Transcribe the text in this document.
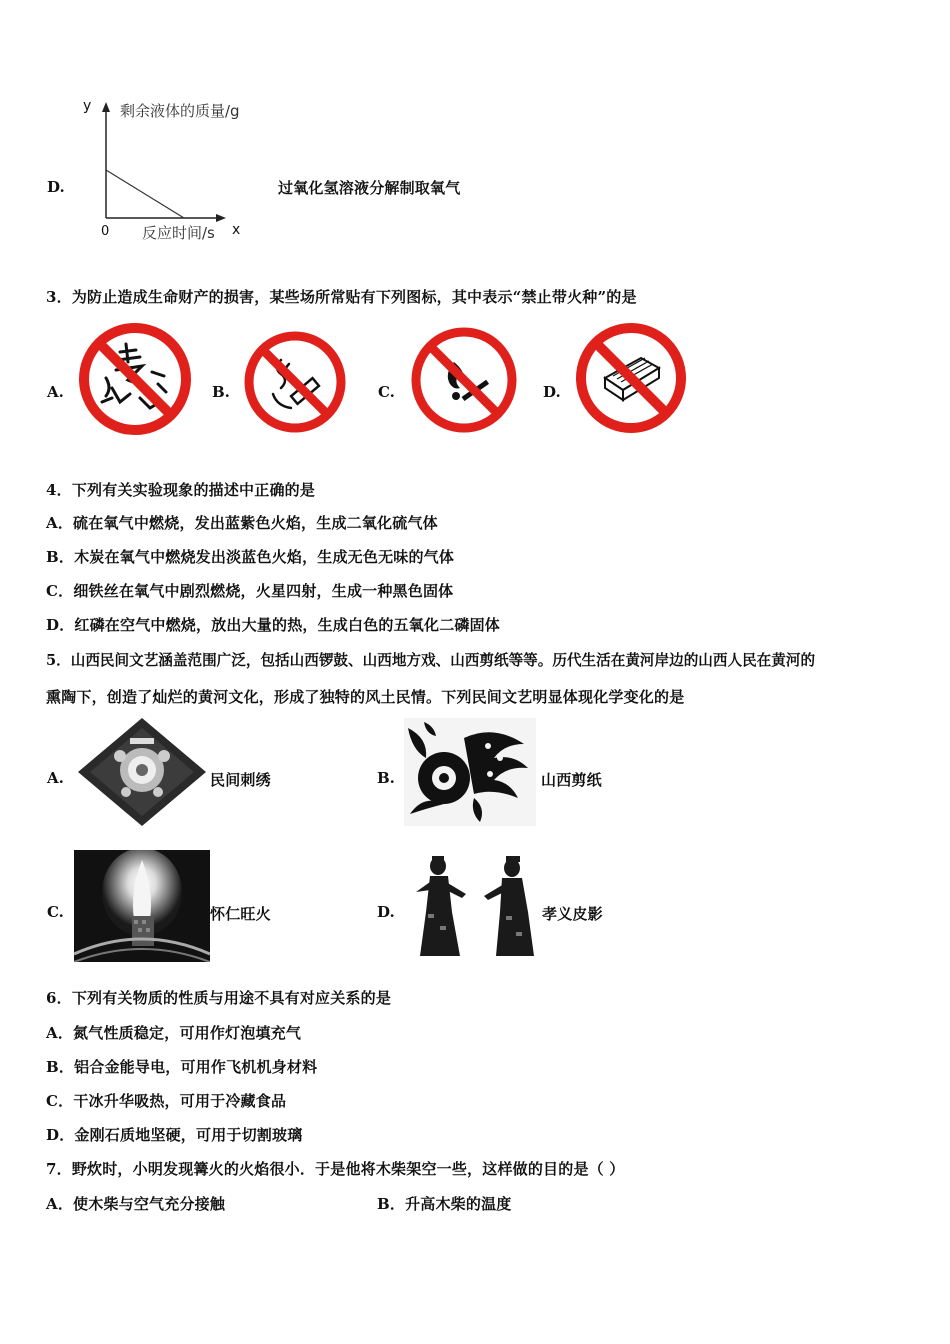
D.
y 剩余液体的质量/g
0 反应时间/s x
过氧化氢溶液分解制取氧气
3．为防止造成生命财产的损害，某些场所常贴有下列图标，其中表示“禁止带火种”的是
A.	B.	C.	D.
4．下列有关实验现象的描述中正确的是
A．硫在氧气中燃烧，发出蓝紫色火焰，生成二氧化硫气体
B．木炭在氧气中燃烧发出淡蓝色火焰，生成无色无味的气体
C．细铁丝在氧气中剧烈燃烧，火星四射，生成一种黑色固体
D．红磷在空气中燃烧，放出大量的热，生成白色的五氧化二磷固体
5．山西民间文艺涵盖范围广泛，包括山西锣鼓、山西地方戏、山西剪纸等等。历代生活在黄河岸边的山西人民在黄河的
熏陶下，创造了灿烂的黄河文化，形成了独特的风土民情。下列民间文艺明显体现化学变化的是
A.	民间刺绣	B.	山西剪纸
C.	怀仁旺火	D.	孝义皮影
6．下列有关物质的性质与用途不具有对应关系的是
A．氮气性质稳定，可用作灯泡填充气
B．铝合金能导电，可用作飞机机身材料
C．干冰升华吸热，可用于冷藏食品
D．金刚石质地坚硬，可用于切割玻璃
7．野炊时，小明发现篝火的火焰很小．于是他将木柴架空一些，这样做的目的是（ ）
A．使木柴与空气充分接触	B．升高木柴的温度
